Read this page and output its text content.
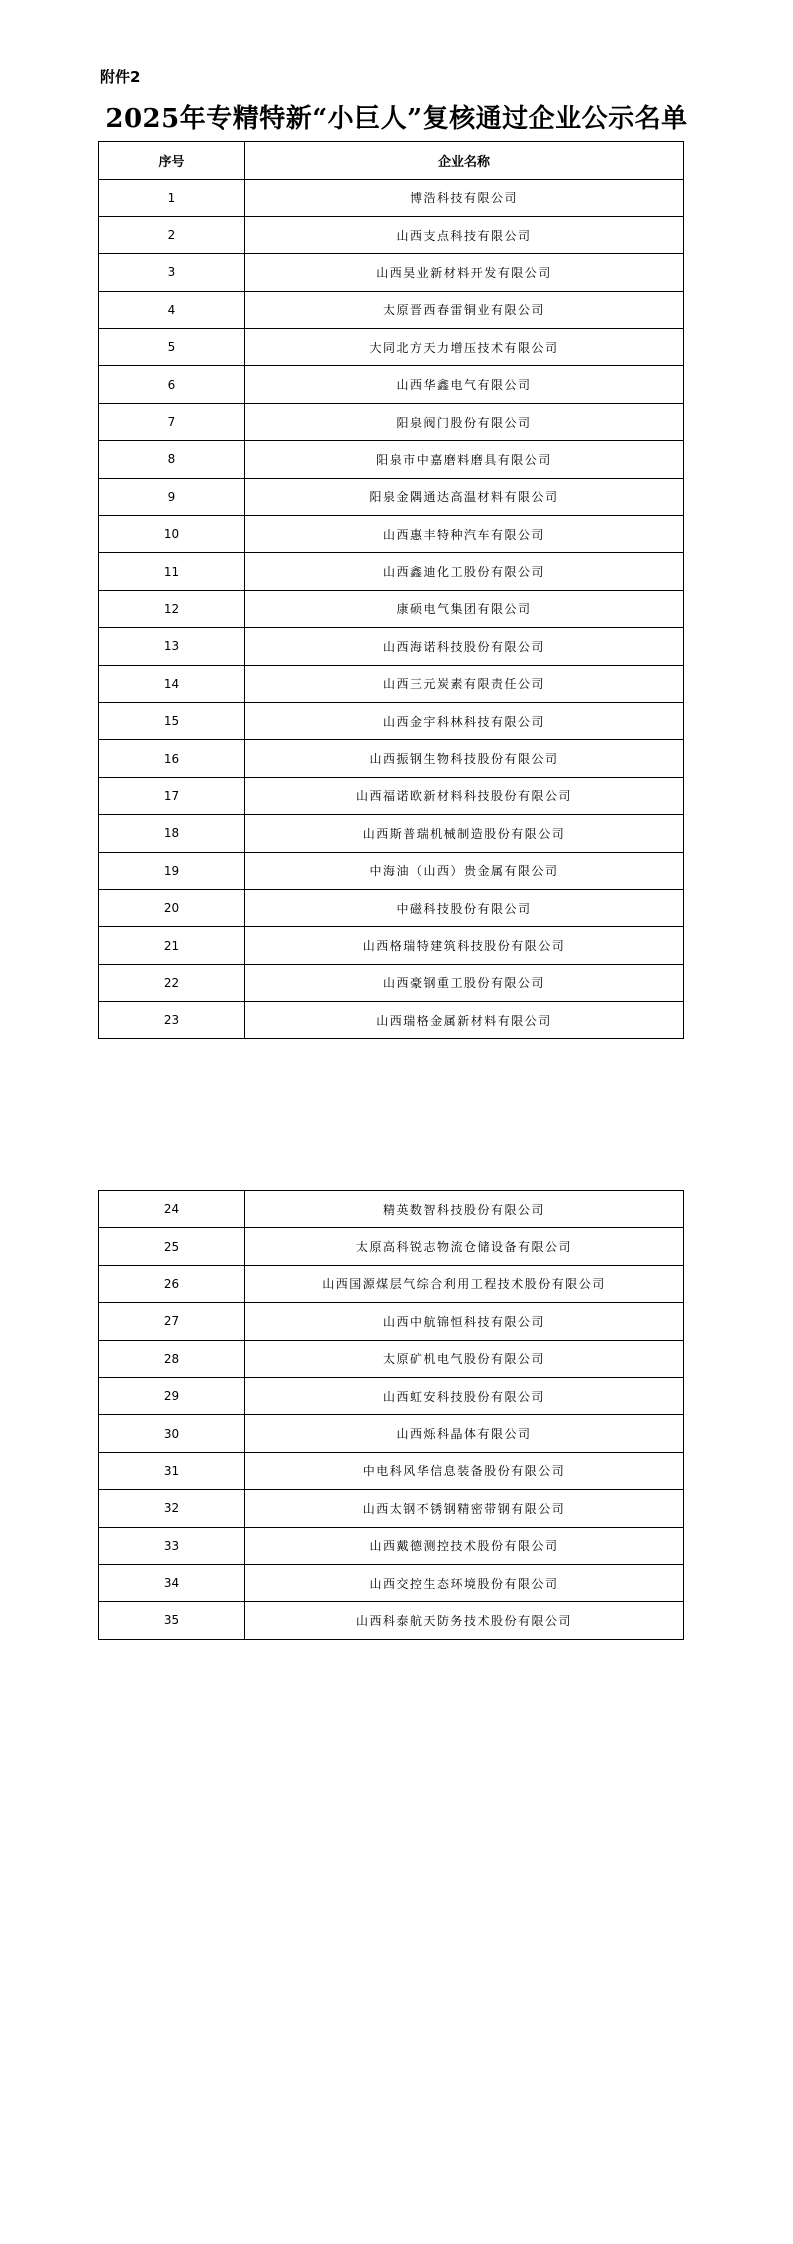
附件2
2025年专精特新“小巨人”复核通过企业公示名单
序号	企业名称
1	博浩科技有限公司
2	山西支点科技有限公司
3	山西昊业新材料开发有限公司
4	太原晋西春雷铜业有限公司
5	大同北方天力增压技术有限公司
6	山西华鑫电气有限公司
7	阳泉阀门股份有限公司
8	阳泉市中嘉磨料磨具有限公司
9	阳泉金隅通达高温材料有限公司
10	山西惠丰特种汽车有限公司
11	山西鑫迪化工股份有限公司
12	康硕电气集团有限公司
13	山西海诺科技股份有限公司
14	山西三元炭素有限责任公司
15	山西金宇科林科技有限公司
16	山西振钢生物科技股份有限公司
17	山西福诺欧新材料科技股份有限公司
18	山西斯普瑞机械制造股份有限公司
19	中海油（山西）贵金属有限公司
20	中磁科技股份有限公司
21	山西格瑞特建筑科技股份有限公司
22	山西豪钢重工股份有限公司
23	山西瑞格金属新材料有限公司
24	精英数智科技股份有限公司
25	太原高科锐志物流仓储设备有限公司
26	山西国源煤层气综合利用工程技术股份有限公司
27	山西中航锦恒科技有限公司
28	太原矿机电气股份有限公司
29	山西虹安科技股份有限公司
30	山西烁科晶体有限公司
31	中电科风华信息装备股份有限公司
32	山西太钢不锈钢精密带钢有限公司
33	山西戴德测控技术股份有限公司
34	山西交控生态环境股份有限公司
35	山西科泰航天防务技术股份有限公司
